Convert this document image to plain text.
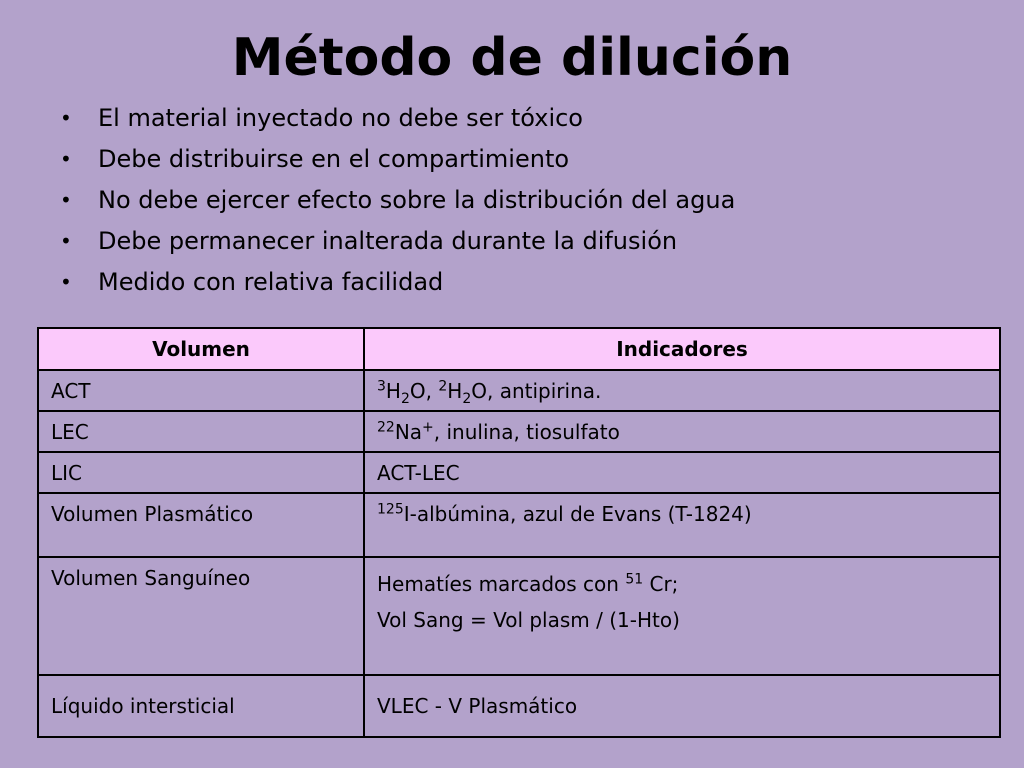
Método de dilución
• El material inyectado no debe ser tóxico
• Debe distribuirse en el compartimiento
• No debe ejercer efecto sobre la distribución del agua
• Debe permanecer inalterada durante la difusión
• Medido con relativa facilidad
Volumen	Indicadores
ACT	$^3H_2O$, $^2H_2O$, antipirina.
LEC	$^{22}$Na+, inulina, tiosulfato
LIC	ACT-LEC
Volumen Plasmático	$^{125}$I-albúmina, azul de Evans (T-1824)
Volumen Sanguíneo	Hematíes marcados con $^{51}$ Cr;
Vol Sang = Vol plasm / (1-Hto)

Líquido intersticial	VLEC - V Plasmático
